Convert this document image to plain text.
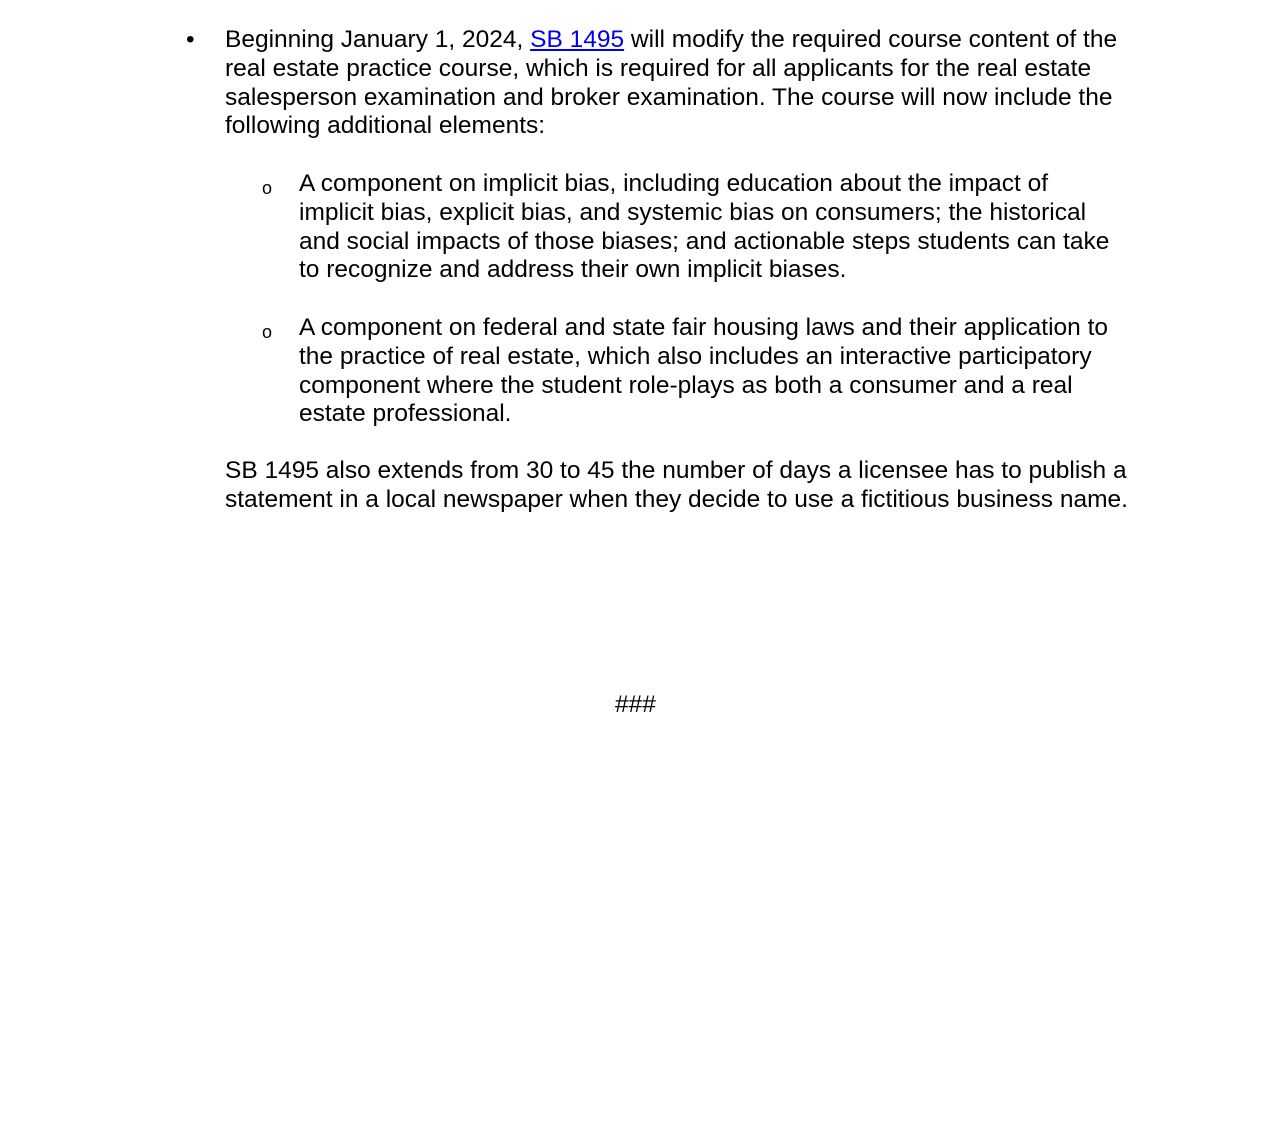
• Beginning January 1, 2024, SB 1495 will modify the required course content of the real estate practice course, which is required for all applicants for the real estate salesperson examination and broker examination. The course will now include the following additional elements:
o A component on implicit bias, including education about the impact of implicit bias, explicit bias, and systemic bias on consumers; the historical and social impacts of those biases; and actionable steps students can take to recognize and address their own implicit biases.
o A component on federal and state fair housing laws and their application to the practice of real estate, which also includes an interactive participatory component where the student role-plays as both a consumer and a real estate professional.
SB 1495 also extends from 30 to 45 the number of days a licensee has to publish a statement in a local newspaper when they decide to use a fictitious business name.
###
